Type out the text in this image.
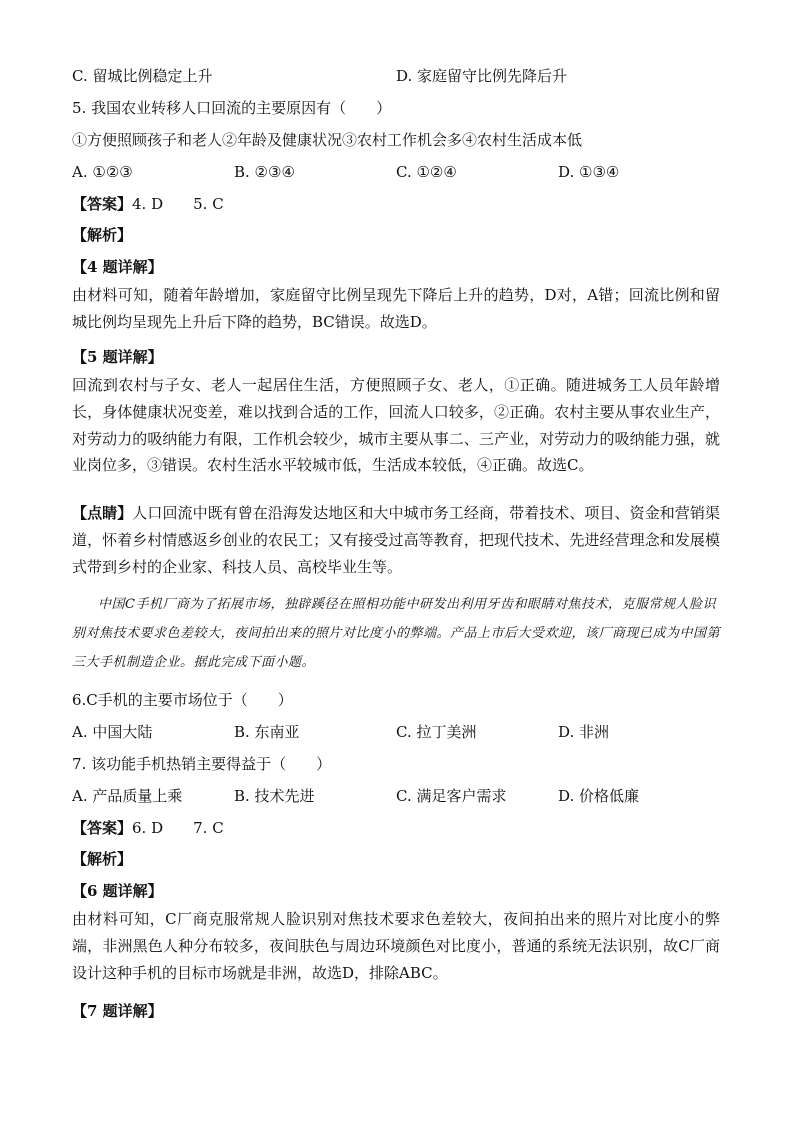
C. 留城比例稳定上升	D. 家庭留守比例先降后升
5. 我国农业转移人口回流的主要原因有（　　）
①方便照顾孩子和老人②年龄及健康状况③农村工作机会多④农村生活成本低
A. ①②③	B. ②③④	C. ①②④	D. ①③④
【答案】4. D　　5. C
【解析】
【4 题详解】
由材料可知，随着年龄增加，家庭留守比例呈现先下降后上升的趋势，D对，A错；回流比例和留城比例均呈现先上升后下降的趋势，BC错误。故选D。
【5 题详解】
回流到农村与子女、老人一起居住生活，方便照顾子女、老人，①正确。随进城务工人员年龄增长，身体健康状况变差，难以找到合适的工作，回流人口较多，②正确。农村主要从事农业生产，对劳动力的吸纳能力有限，工作机会较少，城市主要从事二、三产业，对劳动力的吸纳能力强，就业岗位多，③错误。农村生活水平较城市低，生活成本较低，④正确。故选C。
【点睛】人口回流中既有曾在沿海发达地区和大中城市务工经商，带着技术、项目、资金和营销渠道，怀着乡村情感返乡创业的农民工；又有接受过高等教育，把现代技术、先进经营理念和发展模式带到乡村的企业家、科技人员、高校毕业生等。
中国C手机厂商为了拓展市场，独辟蹊径在照相功能中研发出利用牙齿和眼睛对焦技术，克服常规人脸识别对焦技术要求色差较大，夜间拍出来的照片对比度小的弊端。产品上市后大受欢迎，该厂商现已成为中国第三大手机制造企业。据此完成下面小题。
6.C手机的主要市场位于（　　）
A. 中国大陆	B. 东南亚	C. 拉丁美洲	D. 非洲
7. 该功能手机热销主要得益于（　　）
A. 产品质量上乘	B. 技术先进	C. 满足客户需求	D. 价格低廉
【答案】6. D　　7. C
【解析】
【6 题详解】
由材料可知，C厂商克服常规人脸识别对焦技术要求色差较大，夜间拍出来的照片对比度小的弊端，非洲黑色人种分布较多，夜间肤色与周边环境颜色对比度小，普通的系统无法识别，故C厂商设计这种手机的目标市场就是非洲，故选D，排除ABC。
【7 题详解】
